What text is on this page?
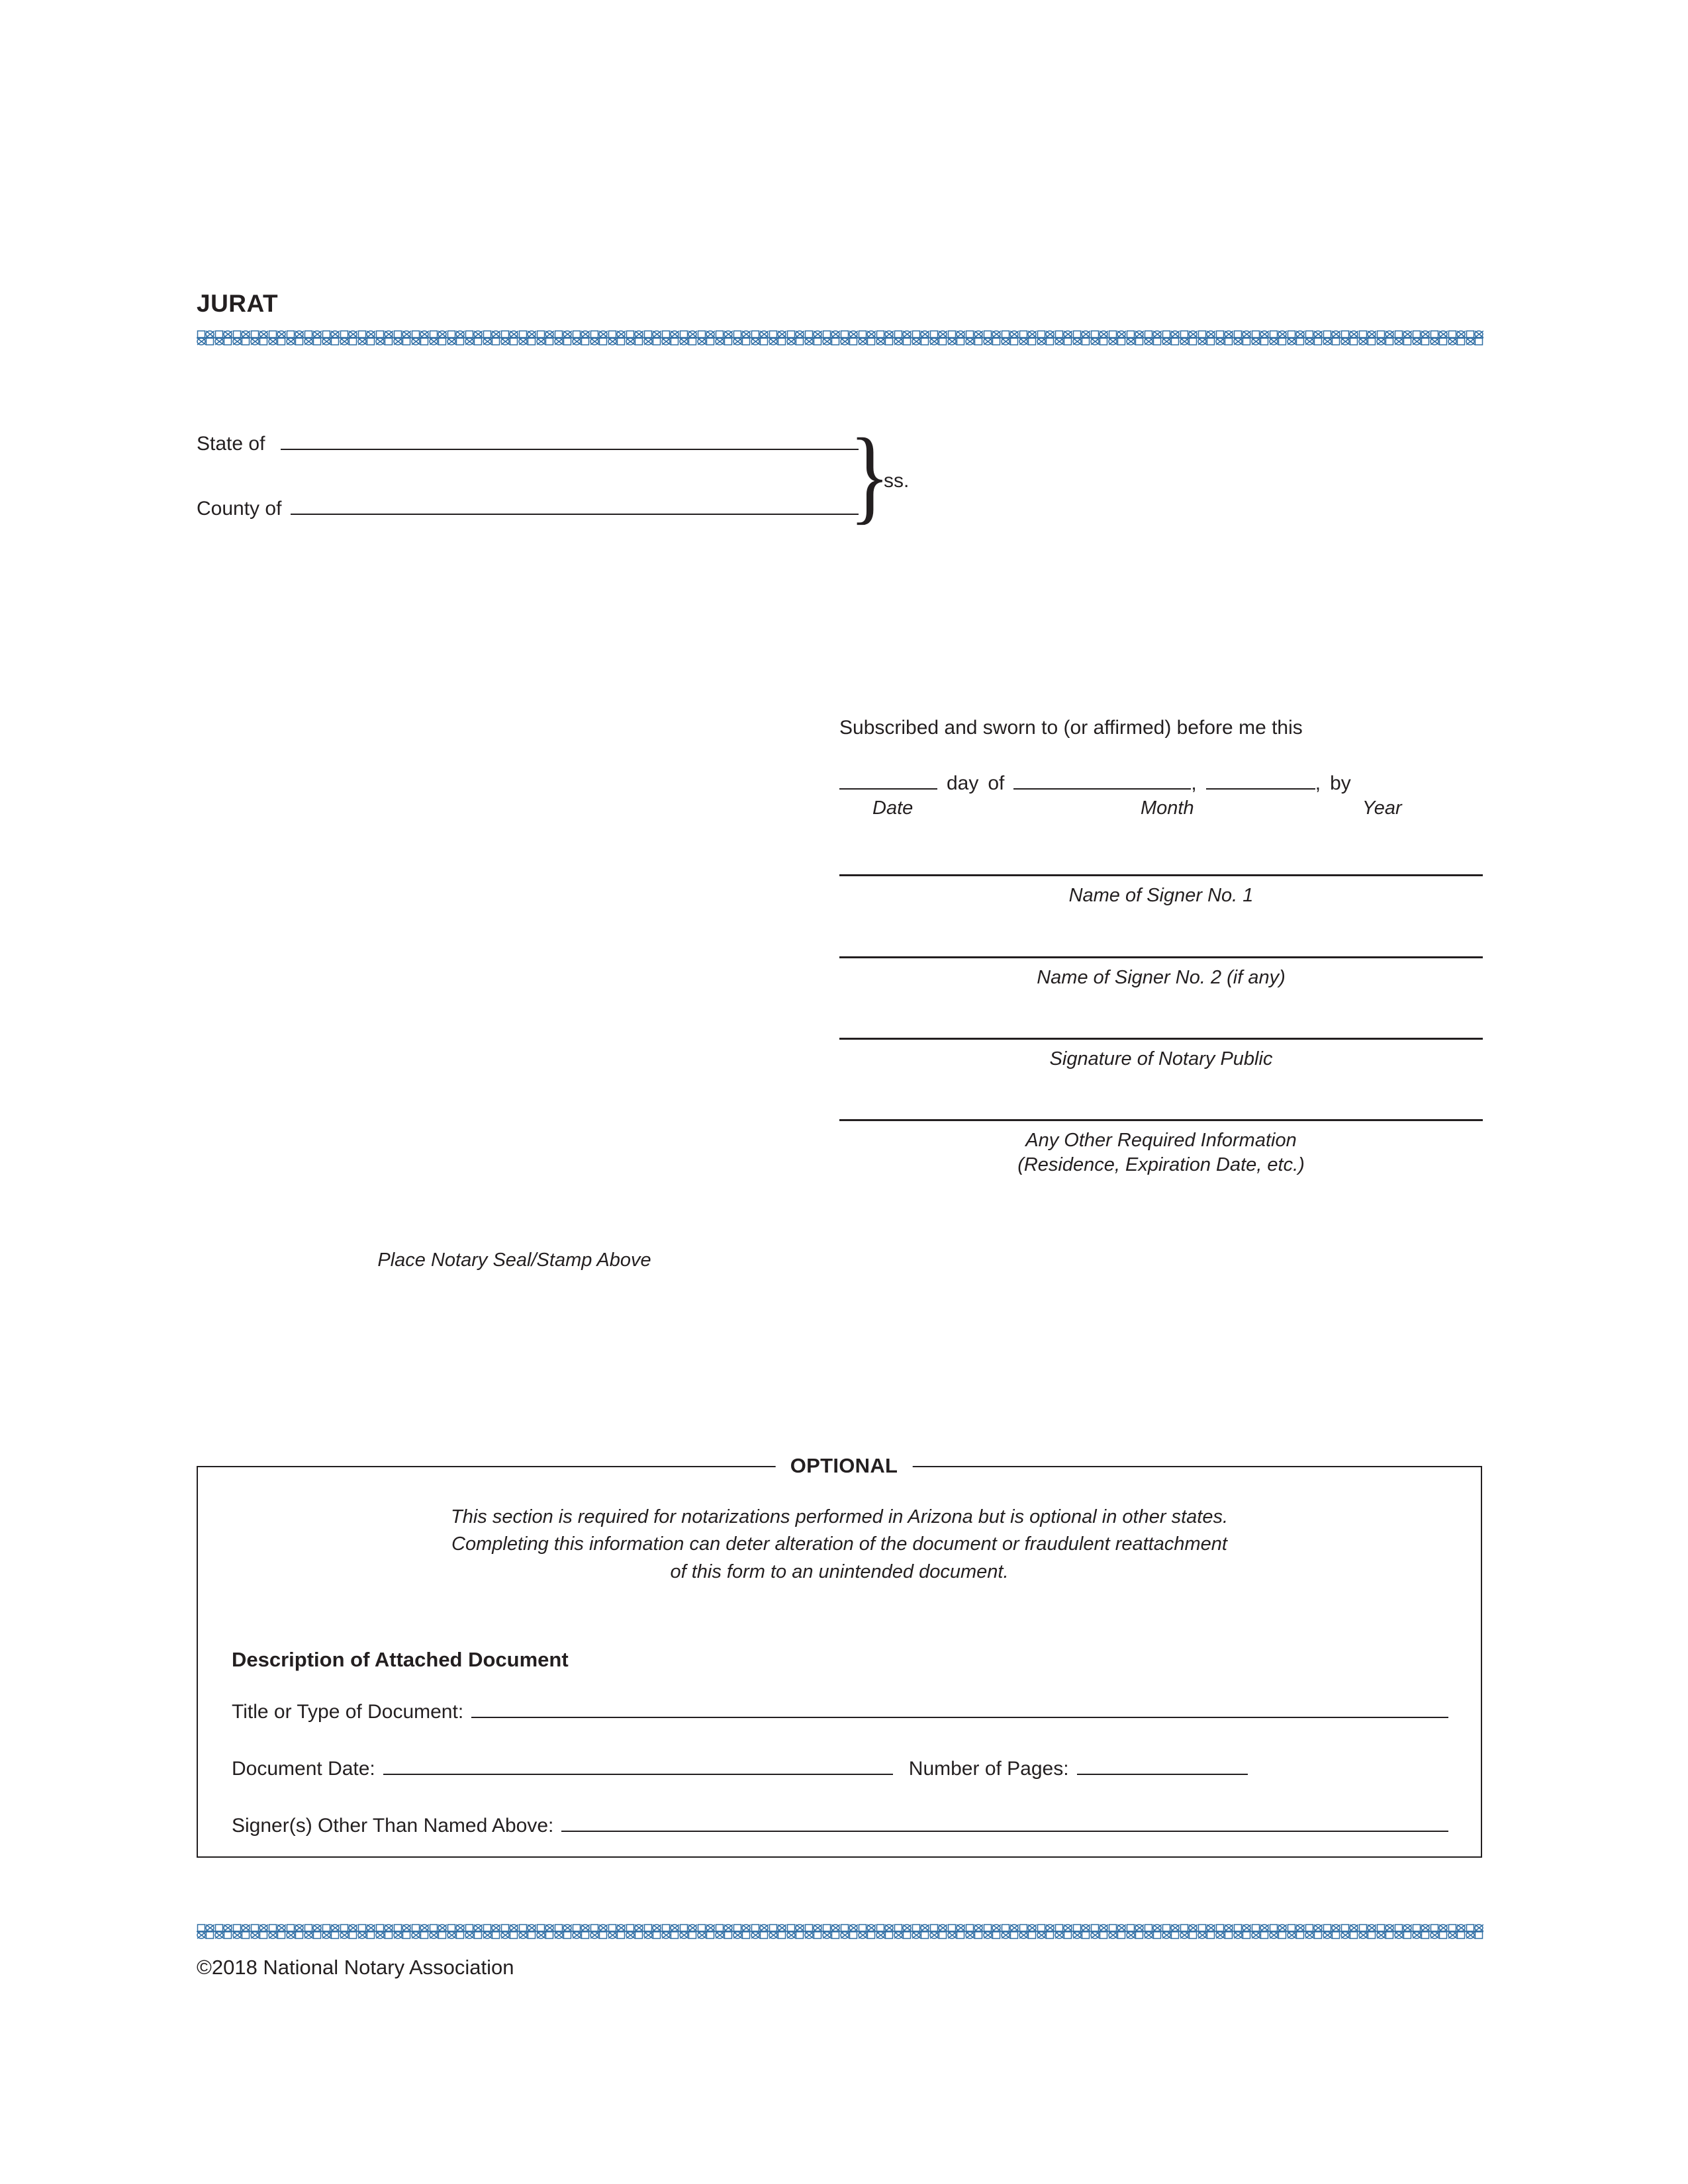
JURAT
State of
County of	}
ss.
Subscribed and sworn to (or affirmed) before me this
day of	,	, by
Date	Month	Year
Name of Signer No. 1
Name of Signer No. 2 (if any)
Signature of Notary Public
Any Other Required Information
(Residence, Expiration Date, etc.)
Place Notary Seal/Stamp Above
OPTIONAL
This section is required for notarizations performed in Arizona but is optional in other states.
Completing this information can deter alteration of the document or fraudulent reattachment
of this form to an unintended document.
Description of Attached Document
Title or Type of Document:
Document Date:	Number of Pages:
Signer(s) Other Than Named Above:
©2018 National Notary Association
